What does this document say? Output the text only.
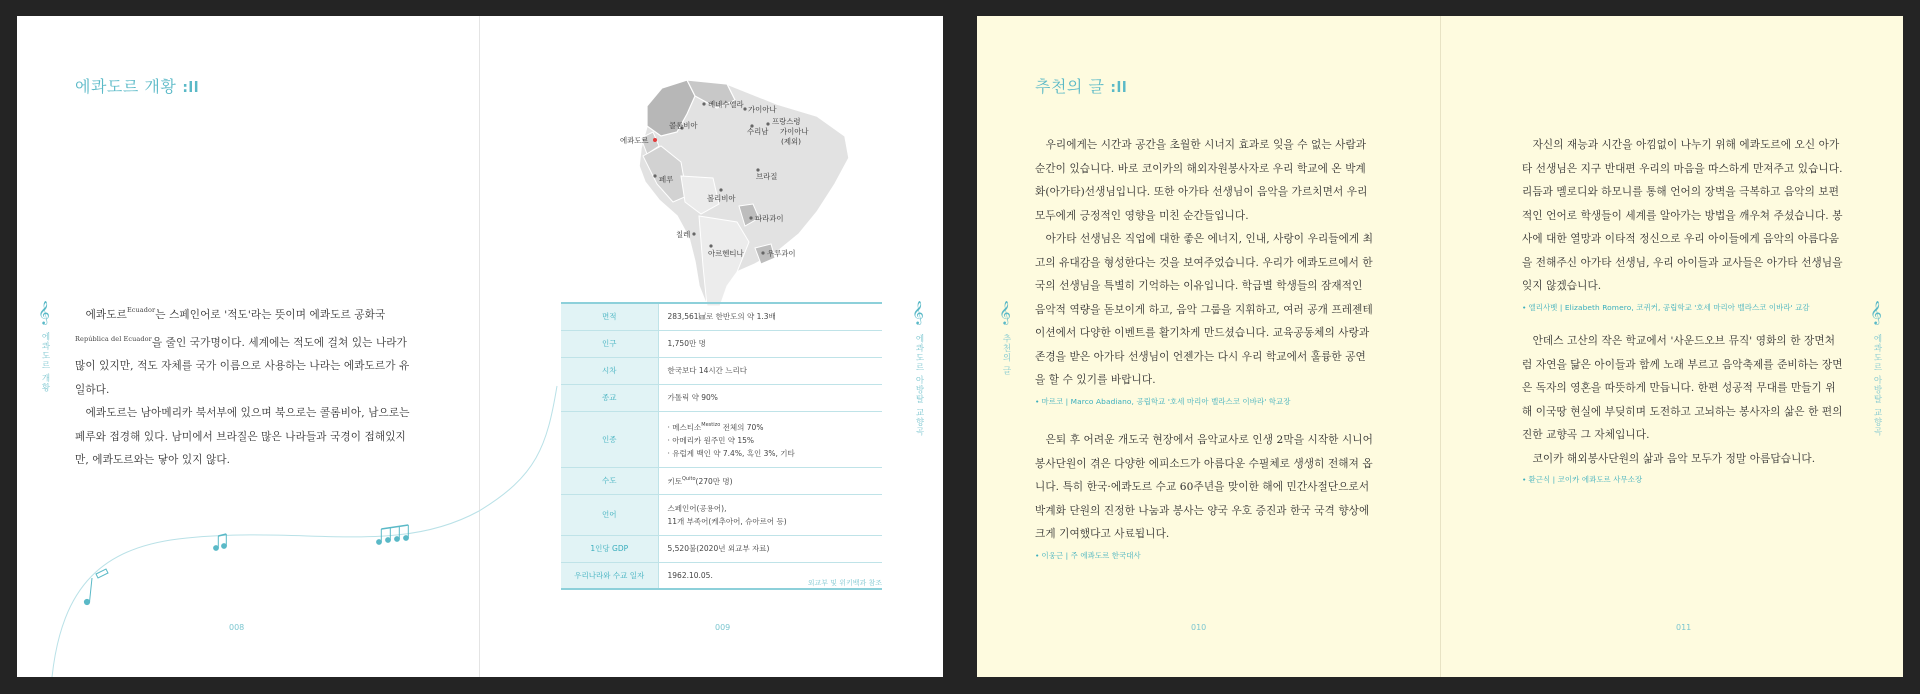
에콰도르 개황 :ll
𝄞
에콰도르 개황

에콰도르$^{Ecuador}$는 스페인어로 '적도'라는 뜻이며 에콰도르 공화국$_{República del Ecuador}$을 줄인 국가명이다. 세계에는 적도에 걸쳐 있는 나라가 많이 있지만, 적도 자체를 국가 이름으로 사용하는 나라는 에콰도르가 유일하다.

에콰도르는 남아메리카 북서부에 있으며 북으로는 콜롬비아, 남으로는 페루와 접경해 있다. 남미에서 브라질은 많은 나라들과 국경이 접해있지만, 에콰도르와는 닿아 있지 않다.

008
베네수엘라
가이아나
프랑스령
수리남 가이아나
(제외)
콜롬비아
에콰도르
페루	브라질
볼리비아
파라과이
칠레
아르헨티나	우루과이
면적	283,561㎢로 한반도의 약 1.3배
인구	1,750만 명
시차	한국보다 14시간 느리다
종교	가톨릭 약 90%
인종	· 메스티소$^{Mestizo}$ 전체의 70%
· 아메리카 원주민 약 15%
· 유럽계 백인 약 7.4%, 흑인 3%, 기타

수도	키토$^{Quito}$(270만 명)
언어	스페인어(공용어),
11개 부족어(케추아어, 슈아르어 등)

1인당 GDP	5,520불(2020년 외교부 자료)
우리나라와 수교 일자	1962.10.05.
외교부 및 위키백과 참조
𝄞
에콰도르 아방탈 교향곡
009
추천의 글 :ll
𝄞
추천의 글

우리에게는 시간과 공간을 초월한 시너지 효과로 잊을 수 없는 사람과 순간이 있습니다. 바로 코이카의 해외자원봉사자로 우리 학교에 온 박계화(아가타)선생님입니다. 또한 아가타 선생님이 음악을 가르치면서 우리 모두에게 긍정적인 영향을 미친 순간들입니다.

아가타 선생님은 직업에 대한 좋은 에너지, 인내, 사랑이 우리들에게 최고의 유대감을 형성한다는 것을 보여주었습니다. 우리가 에콰도르에서 한국의 선생님을 특별히 기억하는 이유입니다. 학급별 학생들의 잠재적인 음악적 역량을 돋보이게 하고, 음악 그룹을 지휘하고, 여러 공개 프레젠테이션에서 다양한 이벤트를 활기차게 만드셨습니다. 교육공동체의 사랑과 존경을 받은 아가타 선생님이 언젠가는 다시 우리 학교에서 훌륭한 공연을 할 수 있기를 바랍니다.

• 마르코 | Marco Abadiano, 공립학교 '호세 마리아 벨라스코 이바라' 학교장

은퇴 후 어려운 개도국 현장에서 음악교사로 인생 2막을 시작한 시니어 봉사단원이 겪은 다양한 에피소드가 아름다운 수필체로 생생히 전해져 옵니다. 특히 한국·에콰도르 수교 60주년을 맞이한 해에 민간사절단으로서 박계화 단원의 진정한 나눔과 봉사는 양국 우호 증진과 한국 국격 향상에 크게 기여했다고 사료됩니다.

• 이웅근 | 주 에콰도르 한국대사
010

자신의 재능과 시간을 아낌없이 나누기 위해 에콰도르에 오신 아가타 선생님은 지구 반대편 우리의 마음을 따스하게 만져주고 있습니다. 리듬과 멜로디와 하모니를 통해 언어의 장벽을 극복하고 음악의 보편적인 언어로 학생들이 세계를 알아가는 방법을 깨우쳐 주셨습니다. 봉사에 대한 열망과 이타적 정신으로 우리 아이들에게 음악의 아름다움을 전해주신 아가타 선생님, 우리 아이들과 교사들은 아가타 선생님을 잊지 않겠습니다.

• 엘리사벳 | Elizabeth Romero, 코퀴커, 공립학교 '호세 마리아 벨라스코 이바라' 교감

안데스 고산의 작은 학교에서 '사운드오브 뮤직' 영화의 한 장면처럼 자연을 닮은 아이들과 함께 노래 부르고 음악축제를 준비하는 장면은 독자의 영혼을 따뜻하게 만듭니다. 한편 성공적 무대를 만들기 위해 이국땅 현실에 부딪히며 도전하고 고뇌하는 봉사자의 삶은 한 편의 진한 교향곡 그 자체입니다.

코이카 해외봉사단원의 삶과 음악 모두가 정말 아름답습니다.

• 환근식 | 코이카 에콰도르 사무소장
𝄞
에콰도르 아방탈 교향곡
011
